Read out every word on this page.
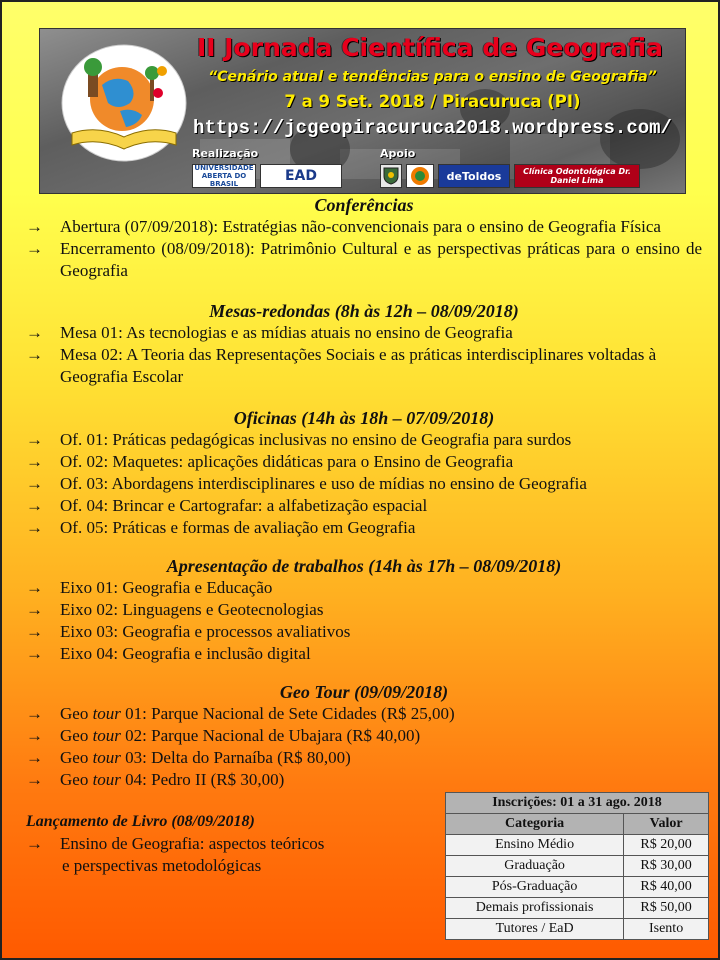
II Jornada Científica de Geografia
“Cenário atual e tendências para o ensino de Geografia”
7 a 9 Set. 2018 / Piracuruca (PI)
https://jcgeopiracuruca2018.wordpress.com/
Realização	Apoio
UNIVERSIDADE ABERTA DO BRASIL	EAD	deToldos	Clínica Odontológica Dr. Daniel Lima
Conferências
→ Abertura (07/09/2018): Estratégias não-convencionais para o ensino de Geografia Física
→ Encerramento (08/09/2018): Patrimônio Cultural e as perspectivas práticas para o ensino de Geografia
Mesas-redondas (8h às 12h – 08/09/2018)
→ Mesa 01: As tecnologias e as mídias atuais no ensino de Geografia
→ Mesa 02: A Teoria das Representações Sociais e as práticas interdisciplinares voltadas à Geografia Escolar
Oficinas (14h às 18h – 07/09/2018)
→ Of. 01: Práticas pedagógicas inclusivas no ensino de Geografia para surdos
→ Of. 02: Maquetes: aplicações didáticas para o Ensino de Geografia
→ Of. 03: Abordagens interdisciplinares e uso de mídias no ensino de Geografia
→ Of. 04: Brincar e Cartografar: a alfabetização espacial
→ Of. 05: Práticas e formas de avaliação em Geografia
Apresentação de trabalhos (14h às 17h – 08/09/2018)
→ Eixo 01: Geografia e Educação
→ Eixo 02: Linguagens e Geotecnologias
→ Eixo 03: Geografia e processos avaliativos
→ Eixo 04: Geografia e inclusão digital
Geo Tour (09/09/2018)
→ Geo tour 01: Parque Nacional de Sete Cidades (R$ 25,00)
→ Geo tour 02: Parque Nacional de Ubajara (R$ 40,00)
→ Geo tour 03: Delta do Parnaíba (R$ 80,00)
→ Geo tour 04: Pedro II (R$ 30,00)
Lançamento de Livro (08/09/2018)
→ Ensino de Geografia: aspectos teóricos
e perspectivas metodológicas
Inscrições: 01 a 31 ago. 2018	
Categoria	Valor
Ensino Médio	R$ 20,00
Graduação	R$ 30,00
Pós-Graduação	R$ 40,00
Demais profissionais	R$ 50,00
Tutores / EaD	Isento
